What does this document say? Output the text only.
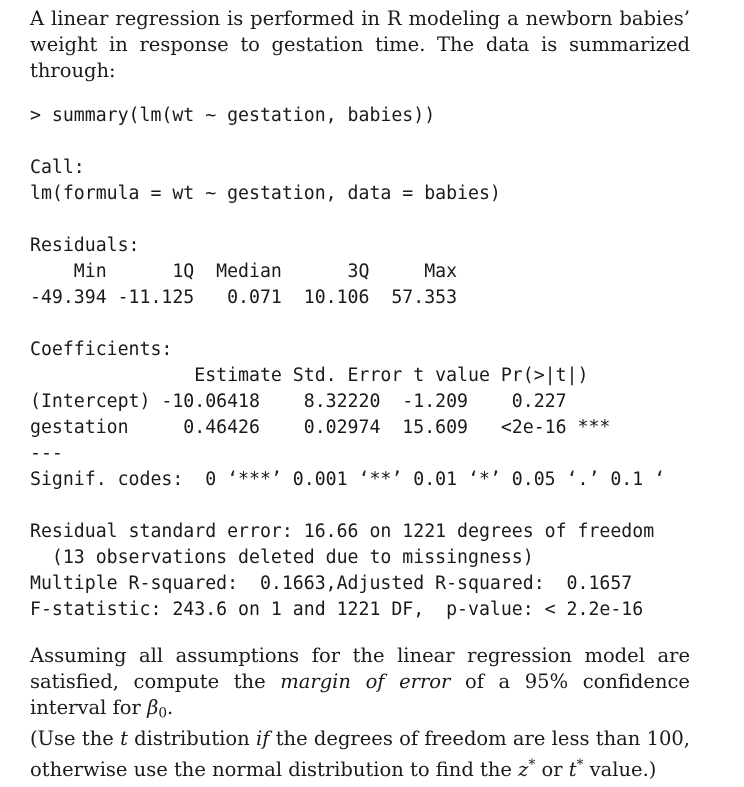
A linear regression is performed in R modeling a newborn babies’ weight in response to gestation time. The data is summarized through:

> summary(lm(wt ~ gestation, babies))
Call:
lm(formula = wt ~ gestation, data = babies)

Residuals:
Min      1Q  Median      3Q     Max
-49.394 -11.125   0.071  10.106  57.353

Coefficients:
Estimate Std. Error t value Pr(>|t|)
(Intercept) -10.06418    8.32220  -1.209    0.227
gestation     0.46426    0.02974  15.609   <2e-16 ***
---
Signif. codes:  0 ‘***’ 0.001 ‘**’ 0.01 ‘*’ 0.05 ‘.’ 0.1 ‘

Residual standard error: 16.66 on 1221 degrees of freedom
(13 observations deleted due to missingness)
Multiple R-squared:  0.1663,Adjusted R-squared:  0.1657
F-statistic: 243.6 on 1 and 1221 DF,  p-value: < 2.2e-16

Assuming all assumptions for the linear regression model are satisfied, compute the margin of error of a 95% confidence interval for $\beta_0$.

(Use the t distribution if the degrees of freedom are less than 100, otherwise use the normal distribution to find the z* or t* value.)
